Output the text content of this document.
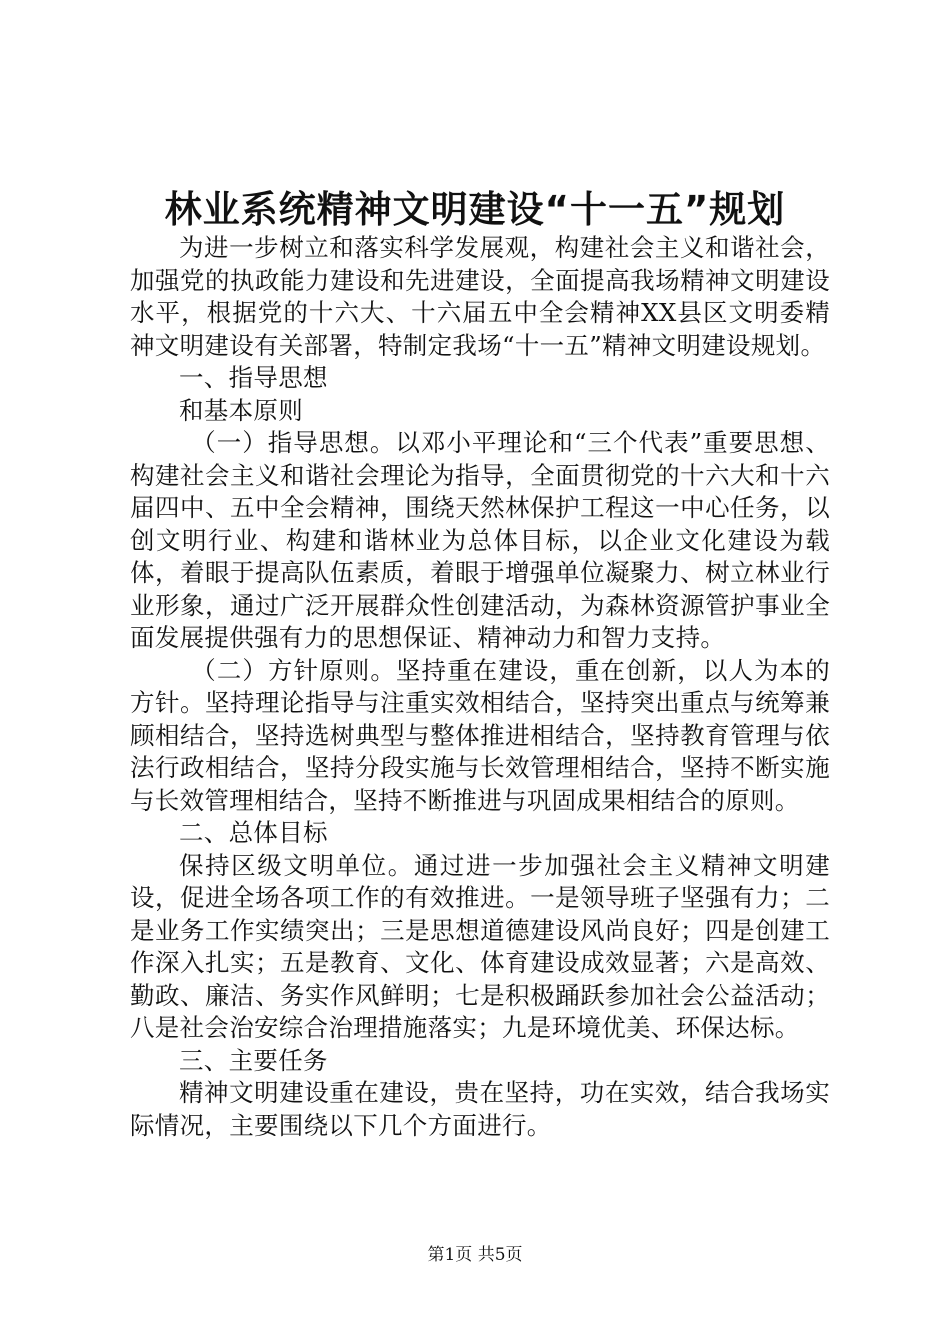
林业系统精神文明建设“十一五”规划

为进一步树立和落实科学发展观，构建社会主义和谐社会，加强党的执政能力建设和先进建设，全面提高我场精神文明建设水平，根据党的十六大、十六届五中全会精神XX县区文明委精神文明建设有关部署，特制定我场“十一五”精神文明建设规划。

一、指导思想

和基本原则

（一）指导思想。以邓小平理论和“三个代表”重要思想、构建社会主义和谐社会理论为指导，全面贯彻党的十六大和十六届四中、五中全会精神，围绕天然林保护工程这一中心任务，以创文明行业、构建和谐林业为总体目标，以企业文化建设为载体，着眼于提高队伍素质，着眼于增强单位凝聚力、树立林业行业形象，通过广泛开展群众性创建活动，为森林资源管护事业全面发展提供强有力的思想保证、精神动力和智力支持。

（二）方针原则。坚持重在建设，重在创新，以人为本的方针。坚持理论指导与注重实效相结合，坚持突出重点与统筹兼顾相结合，坚持选树典型与整体推进相结合，坚持教育管理与依法行政相结合，坚持分段实施与长效管理相结合，坚持不断实施与长效管理相结合，坚持不断推进与巩固成果相结合的原则。

二、总体目标

保持区级文明单位。通过进一步加强社会主义精神文明建设，促进全场各项工作的有效推进。一是领导班子坚强有力；二是业务工作实绩突出；三是思想道德建设风尚良好；四是创建工作深入扎实；五是教育、文化、体育建设成效显著；六是高效、勤政、廉洁、务实作风鲜明；七是积极踊跃参加社会公益活动；八是社会治安综合治理措施落实；九是环境优美、环保达标。

三、主要任务

精神文明建设重在建设，贵在坚持，功在实效，结合我场实际情况，主要围绕以下几个方面进行。

第1页 共5页
